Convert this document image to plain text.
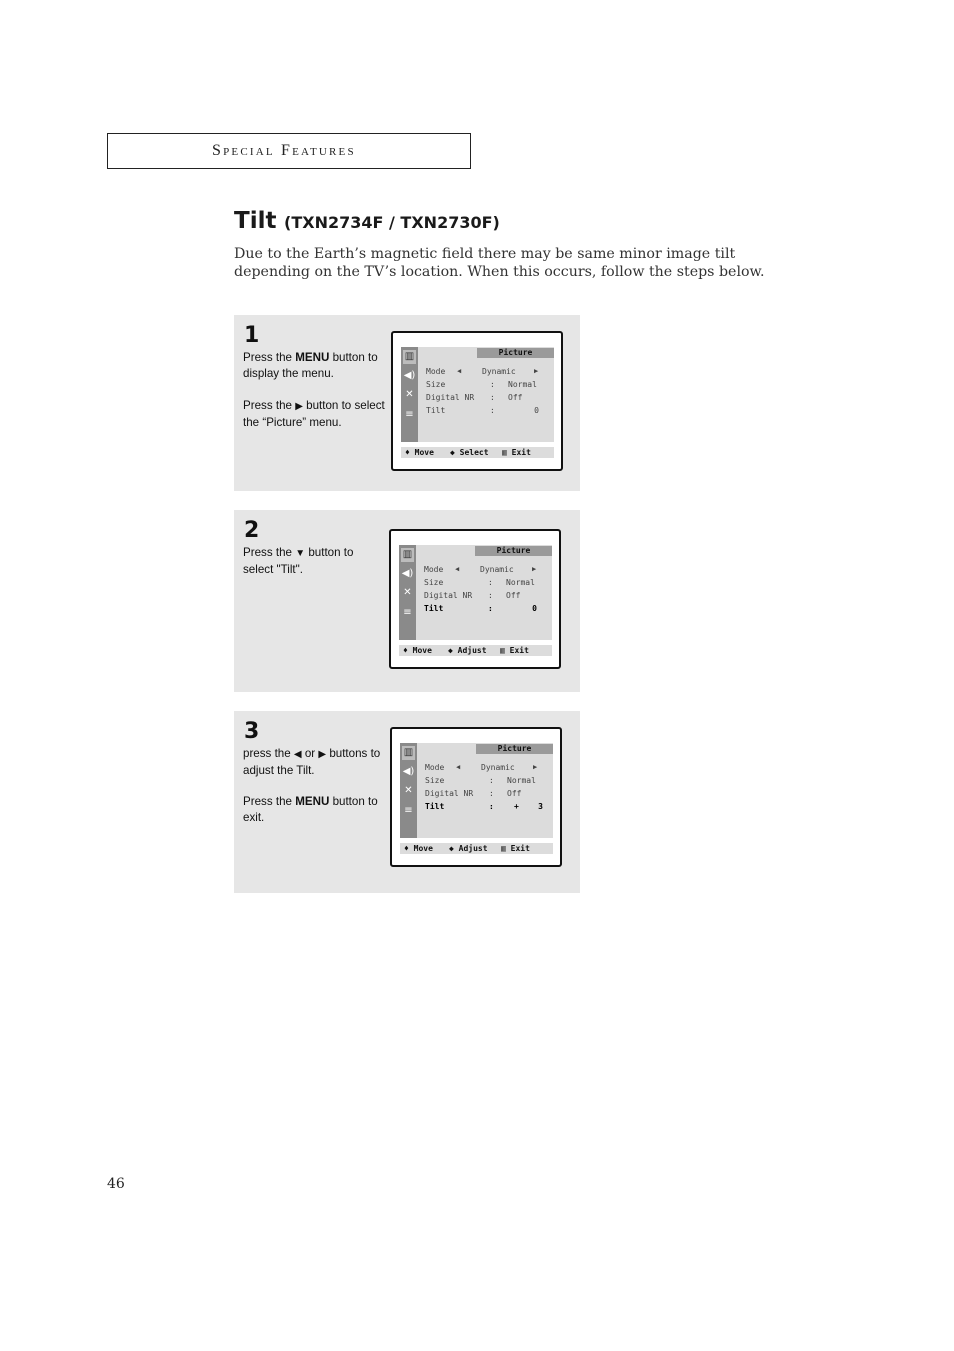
Special Features
Tilt (TXN2734F / TXN2730F)
Due to the Earth’s magnetic field there may be same minor image tilt depending on the TV’s location. When this occurs, follow the steps below.
1

Press the MENU button to display the menu.

Press the ▶ button to select the “Picture” menu.

▥
◀)
✕
≡
Picture
Mode ◀	Dynamic	▶
Size	: Normal
Digital NR : Off
Tilt	:	0
♦ Move ◆ Select ▥ Exit
2

Press the ▼ button to select "Tilt".

▥
◀)
✕
≡
Picture
Mode ◀	Dynamic	▶
Size	: Normal
Digital NR : Off
Tilt	:	0
♦ Move ◆ Adjust ▥ Exit
3

press the ◀ or ▶ buttons to adjust the Tilt.

Press the MENU button to exit.

▥
◀)
✕
≡
Picture
Mode ◀	Dynamic	▶
Size	: Normal
Digital NR : Off
Tilt	:	+ 3
♦ Move ◆ Adjust ▥ Exit
46
